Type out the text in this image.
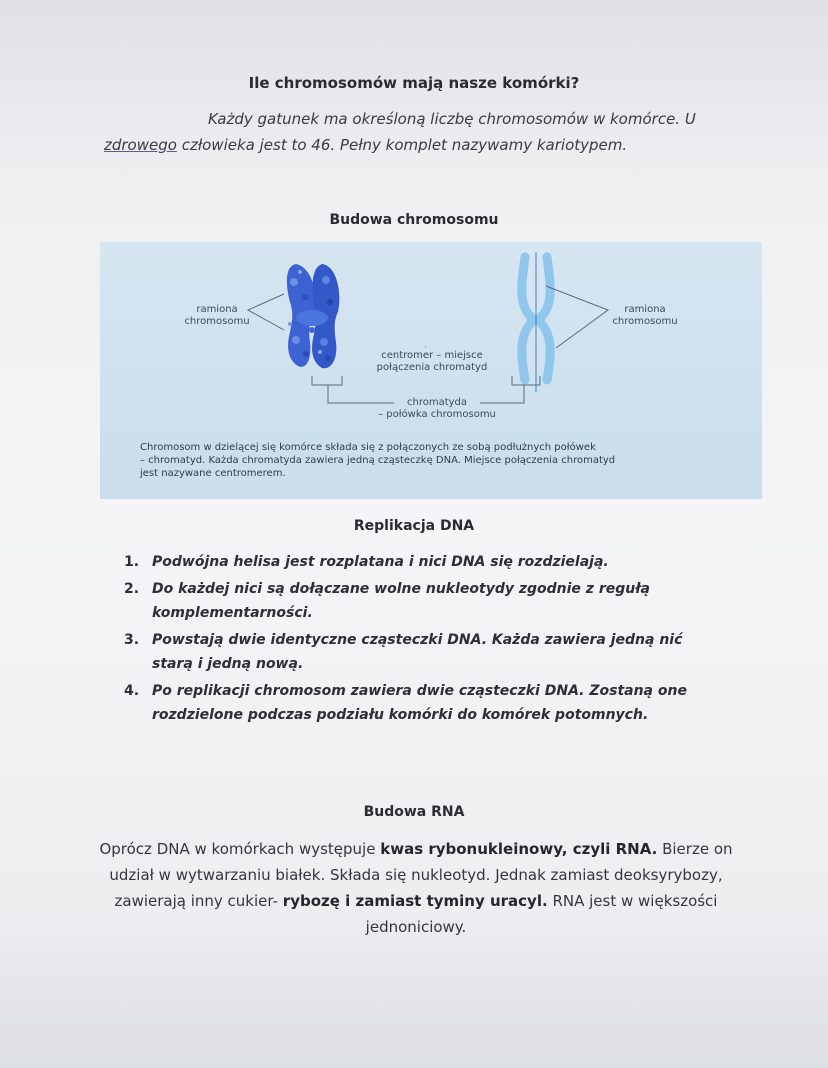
Ile chromosomów mają nasze komórki?

Każdy gatunek ma określoną liczbę chromosomów w komórce. U zdrowego człowieka jest to 46. Pełny komplet nazywamy kariotypem.

Budowa chromosomu
ramiona
chromosomu
ramiona
chromosomu
centromer – miejsce
połączenia chromatyd
chromatyda
– połówka chromosomu
Chromosom w dzielącej się komórce składa się z połączonych ze sobą podłużnych połówek
– chromatyd. Każda chromatyda zawiera jedną cząsteczkę DNA. Miejsce połączenia chromatyd
jest nazywane centromerem.
Replikacja DNA
1. Podwójna helisa jest rozplatana i nici DNA się rozdzielają.
2. Do każdej nici są dołączane wolne nukleotydy zgodnie z regułą komplementarności.
3. Powstają dwie identyczne cząsteczki DNA. Każda zawiera jedną nić starą i jedną nową.
4. Po replikacji chromosom zawiera dwie cząsteczki DNA. Zostaną one rozdzielone podczas podziału komórki do komórek potomnych.
Budowa RNA

Oprócz DNA w komórkach występuje kwas rybonukleinowy, czyli RNA. Bierze on udział w wytwarzaniu białek. Składa się nukleotyd. Jednak zamiast deoksyrybozy, zawierają inny cukier- rybozę i zamiast tyminy uracyl. RNA jest w większości jednoniciowy.
